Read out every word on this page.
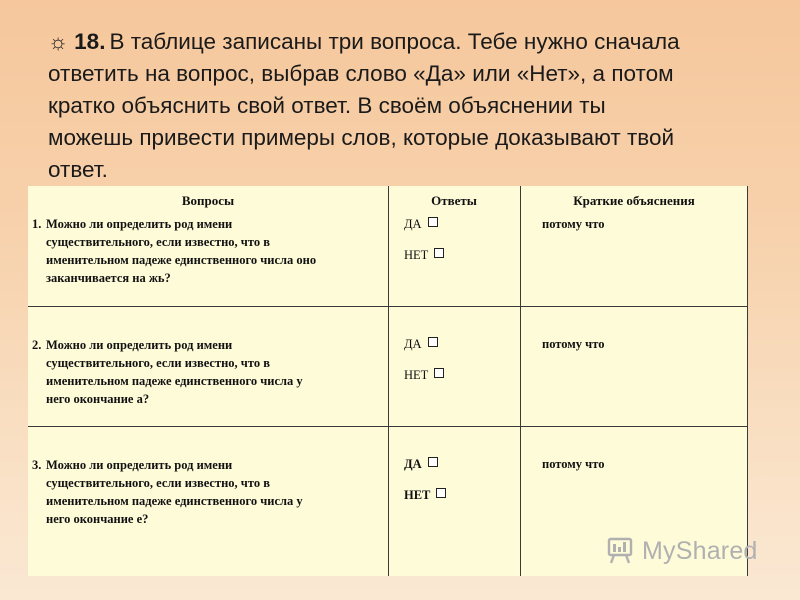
☼ 18. В таблице записаны три вопроса. Тебе нужно сначала
ответить на вопрос, выбрав слово «Да» или «Нет», а потом
кратко объяснить свой ответ. В своём объяснении ты
можешь привести примеры слов, которые доказывают твой
ответ.
Вопросы	Ответы	Краткие объяснения
1. Можно ли определить род имени
существительного, если известно, что в
именительном падеже единственного числа оно
заканчивается на жь?
ДА
НЕТ
потому что
2. Можно ли определить род имени
существительного, если известно, что в
именительном падеже единственного числа у
него окончание а?
ДА
НЕТ
потому что
3. Можно ли определить род имени
существительного, если известно, что в
именительном падеже единственного числа у
него окончание е?
ДА
НЕТ
потому что
MyShared
